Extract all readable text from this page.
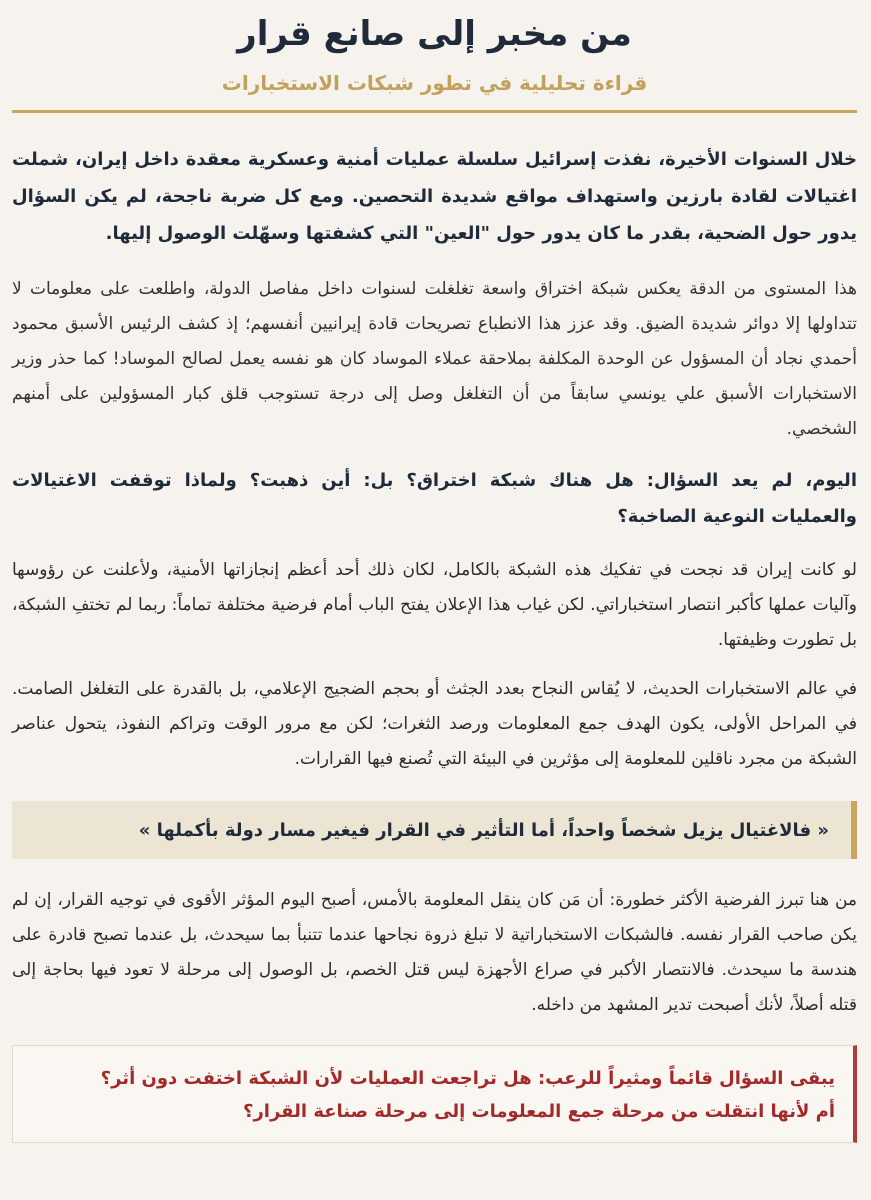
من مخبر إلى صانع قرار
قراءة تحليلية في تطور شبكات الاستخبارات

خلال السنوات الأخيرة، نفذت إسرائيل سلسلة عمليات أمنية وعسكرية معقدة داخل إيران، شملت اغتيالات لقادة بارزين واستهداف مواقع شديدة التحصين. ومع كل ضربة ناجحة، لم يكن السؤال يدور حول الضحية، بقدر ما كان يدور حول "العين" التي كشفتها وسهّلت الوصول إليها.

هذا المستوى من الدقة يعكس شبكة اختراق واسعة تغلغلت لسنوات داخل مفاصل الدولة، واطلعت على معلومات لا تتداولها إلا دوائر شديدة الضيق. وقد عزز هذا الانطباع تصريحات قادة إيرانيين أنفسهم؛ إذ كشف الرئيس الأسبق محمود أحمدي نجاد أن المسؤول عن الوحدة المكلفة بملاحقة عملاء الموساد كان هو نفسه يعمل لصالح الموساد! كما حذر وزير الاستخبارات الأسبق علي يونسي سابقاً من أن التغلغل وصل إلى درجة تستوجب قلق كبار المسؤولين على أمنهم الشخصي.

اليوم، لم يعد السؤال: هل هناك شبكة اختراق؟ بل: أين ذهبت؟ ولماذا توقفت الاغتيالات والعمليات النوعية الصاخبة؟

لو كانت إيران قد نجحت في تفكيك هذه الشبكة بالكامل، لكان ذلك أحد أعظم إنجازاتها الأمنية، ولأعلنت عن رؤوسها وآليات عملها كأكبر انتصار استخباراتي. لكن غياب هذا الإعلان يفتح الباب أمام فرضية مختلفة تماماً: ربما لم تختفِ الشبكة، بل تطورت وظيفتها.

في عالم الاستخبارات الحديث، لا يُقاس النجاح بعدد الجثث أو بحجم الضجيج الإعلامي، بل بالقدرة على التغلغل الصامت. في المراحل الأولى، يكون الهدف جمع المعلومات ورصد الثغرات؛ لكن مع مرور الوقت وتراكم النفوذ، يتحول عناصر الشبكة من مجرد ناقلين للمعلومة إلى مؤثرين في البيئة التي تُصنع فيها القرارات.

« فالاغتيال يزيل شخصاً واحداً، أما التأثير في القرار فيغير مسار دولة بأكملها »

من هنا تبرز الفرضية الأكثر خطورة: أن مَن كان ينقل المعلومة بالأمس، أصبح اليوم المؤثر الأقوى في توجيه القرار، إن لم يكن صاحب القرار نفسه. فالشبكات الاستخباراتية لا تبلغ ذروة نجاحها عندما تتنبأ بما سيحدث، بل عندما تصبح قادرة على هندسة ما سيحدث. فالانتصار الأكبر في صراع الأجهزة ليس قتل الخصم، بل الوصول إلى مرحلة لا تعود فيها بحاجة إلى قتله أصلاً، لأنك أصبحت تدير المشهد من داخله.

يبقى السؤال قائماً ومثيراً للرعب: هل تراجعت العمليات لأن الشبكة اختفت دون أثر؟
أم لأنها انتقلت من مرحلة جمع المعلومات إلى مرحلة صناعة القرار؟
